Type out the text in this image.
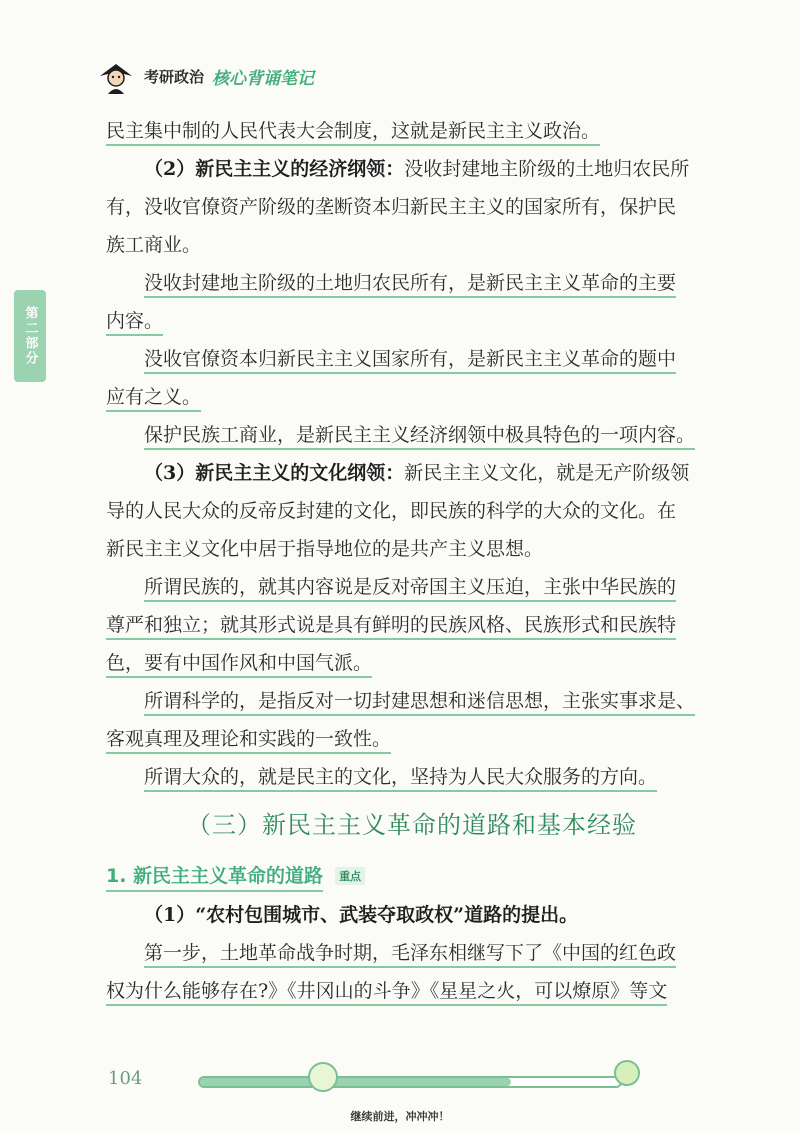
考研政治 核心背诵笔记
第二部分
民主集中制的人民代表大会制度，这就是新民主主义政治。
（2）新民主主义的经济纲领：没收封建地主阶级的土地归农民所
有，没收官僚资产阶级的垄断资本归新民主主义的国家所有，保护民
族工商业。
没收封建地主阶级的土地归农民所有，是新民主主义革命的主要
内容。
没收官僚资本归新民主主义国家所有，是新民主主义革命的题中
应有之义。
保护民族工商业，是新民主主义经济纲领中极具特色的一项内容。
（3）新民主主义的文化纲领：新民主主义文化，就是无产阶级领
导的人民大众的反帝反封建的文化，即民族的科学的大众的文化。在
新民主主义文化中居于指导地位的是共产主义思想。
所谓民族的，就其内容说是反对帝国主义压迫，主张中华民族的
尊严和独立；就其形式说是具有鲜明的民族风格、民族形式和民族特
色，要有中国作风和中国气派。
所谓科学的，是指反对一切封建思想和迷信思想，主张实事求是、
客观真理及理论和实践的一致性。
所谓大众的，就是民主的文化，坚持为人民大众服务的方向。
（三）新民主主义革命的道路和基本经验
1. 新民主主义革命的道路	重点
（1）“农村包围城市、武装夺取政权”道路的提出。
第一步，土地革命战争时期，毛泽东相继写下了《中国的红色政
权为什么能够存在?》《井冈山的斗争》《星星之火，可以燎原》等文
104
继续前进，冲冲冲！
